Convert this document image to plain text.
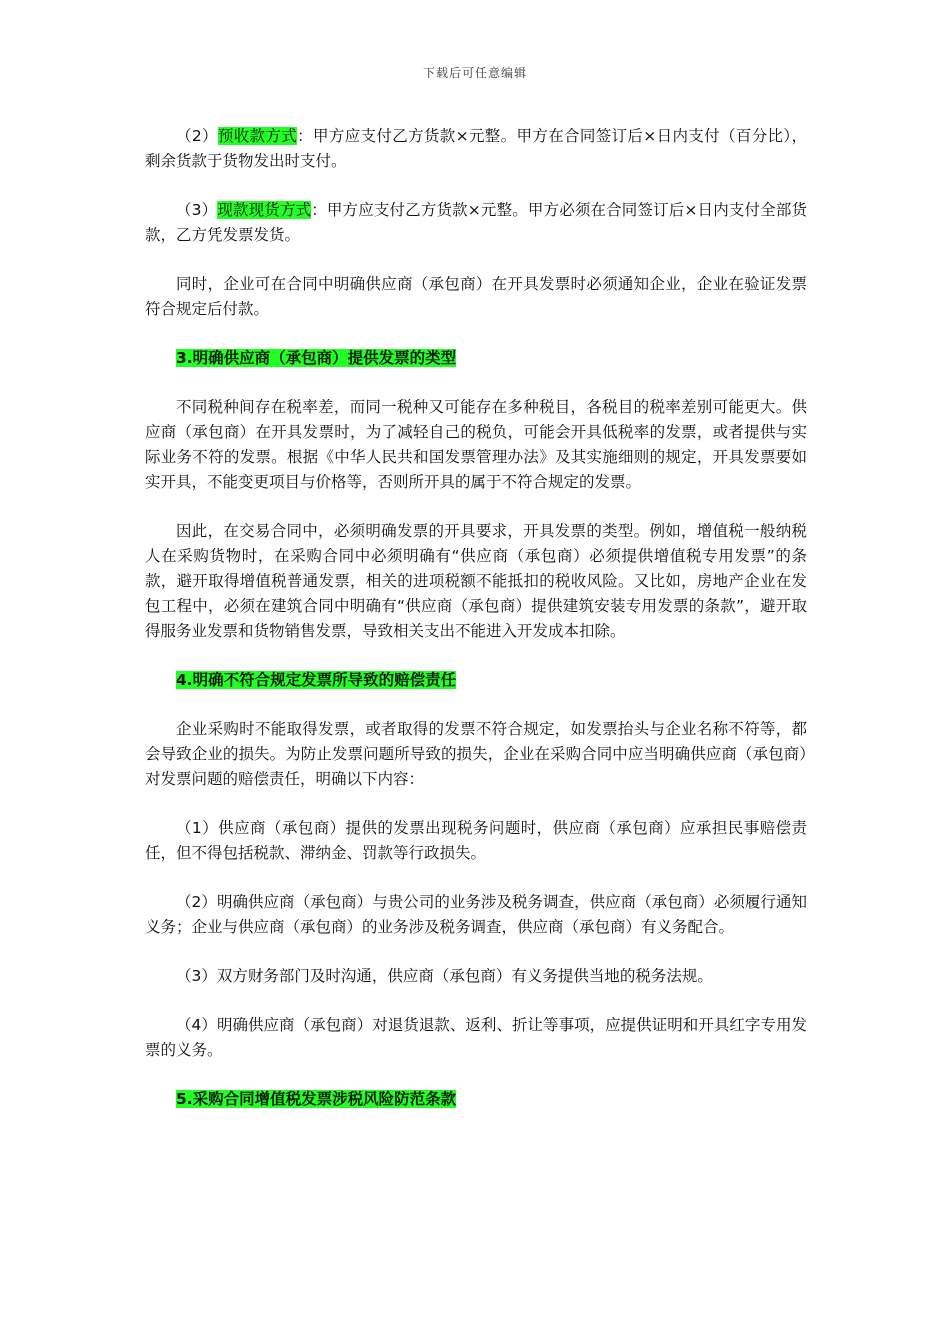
下载后可任意编辑

（2）预收款方式：甲方应支付乙方货款×元整。甲方在合同签订后×日内支付（百分比），剩余货款于货物发出时支付。

（3）现款现货方式：甲方应支付乙方货款×元整。甲方必须在合同签订后×日内支付全部货款，乙方凭发票发货。

同时，企业可在合同中明确供应商（承包商）在开具发票时必须通知企业，企业在验证发票符合规定后付款。

3.明确供应商（承包商）提供发票的类型

不同税种间存在税率差，而同一税种又可能存在多种税目，各税目的税率差别可能更大。供应商（承包商）在开具发票时，为了减轻自己的税负，可能会开具低税率的发票，或者提供与实际业务不符的发票。根据《中华人民共和国发票管理办法》及其实施细则的规定，开具发票要如实开具，不能变更项目与价格等，否则所开具的属于不符合规定的发票。

因此，在交易合同中，必须明确发票的开具要求，开具发票的类型。例如，增值税一般纳税人在采购货物时，在采购合同中必须明确有“供应商（承包商）必须提供增值税专用发票”的条款，避开取得增值税普通发票，相关的进项税额不能抵扣的税收风险。又比如，房地产企业在发包工程中，必须在建筑合同中明确有“供应商（承包商）提供建筑安装专用发票的条款”，避开取得服务业发票和货物销售发票，导致相关支出不能进入开发成本扣除。

4.明确不符合规定发票所导致的赔偿责任

企业采购时不能取得发票，或者取得的发票不符合规定，如发票抬头与企业名称不符等，都会导致企业的损失。为防止发票问题所导致的损失，企业在采购合同中应当明确供应商（承包商）对发票问题的赔偿责任，明确以下内容：

（1）供应商（承包商）提供的发票出现税务问题时，供应商（承包商）应承担民事赔偿责任，但不得包括税款、滞纳金、罚款等行政损失。

（2）明确供应商（承包商）与贵公司的业务涉及税务调查，供应商（承包商）必须履行通知义务；企业与供应商（承包商）的业务涉及税务调查，供应商（承包商）有义务配合。

（3）双方财务部门及时沟通，供应商（承包商）有义务提供当地的税务法规。

（4）明确供应商（承包商）对退货退款、返利、折让等事项，应提供证明和开具红字专用发票的义务。

5.采购合同增值税发票涉税风险防范条款
